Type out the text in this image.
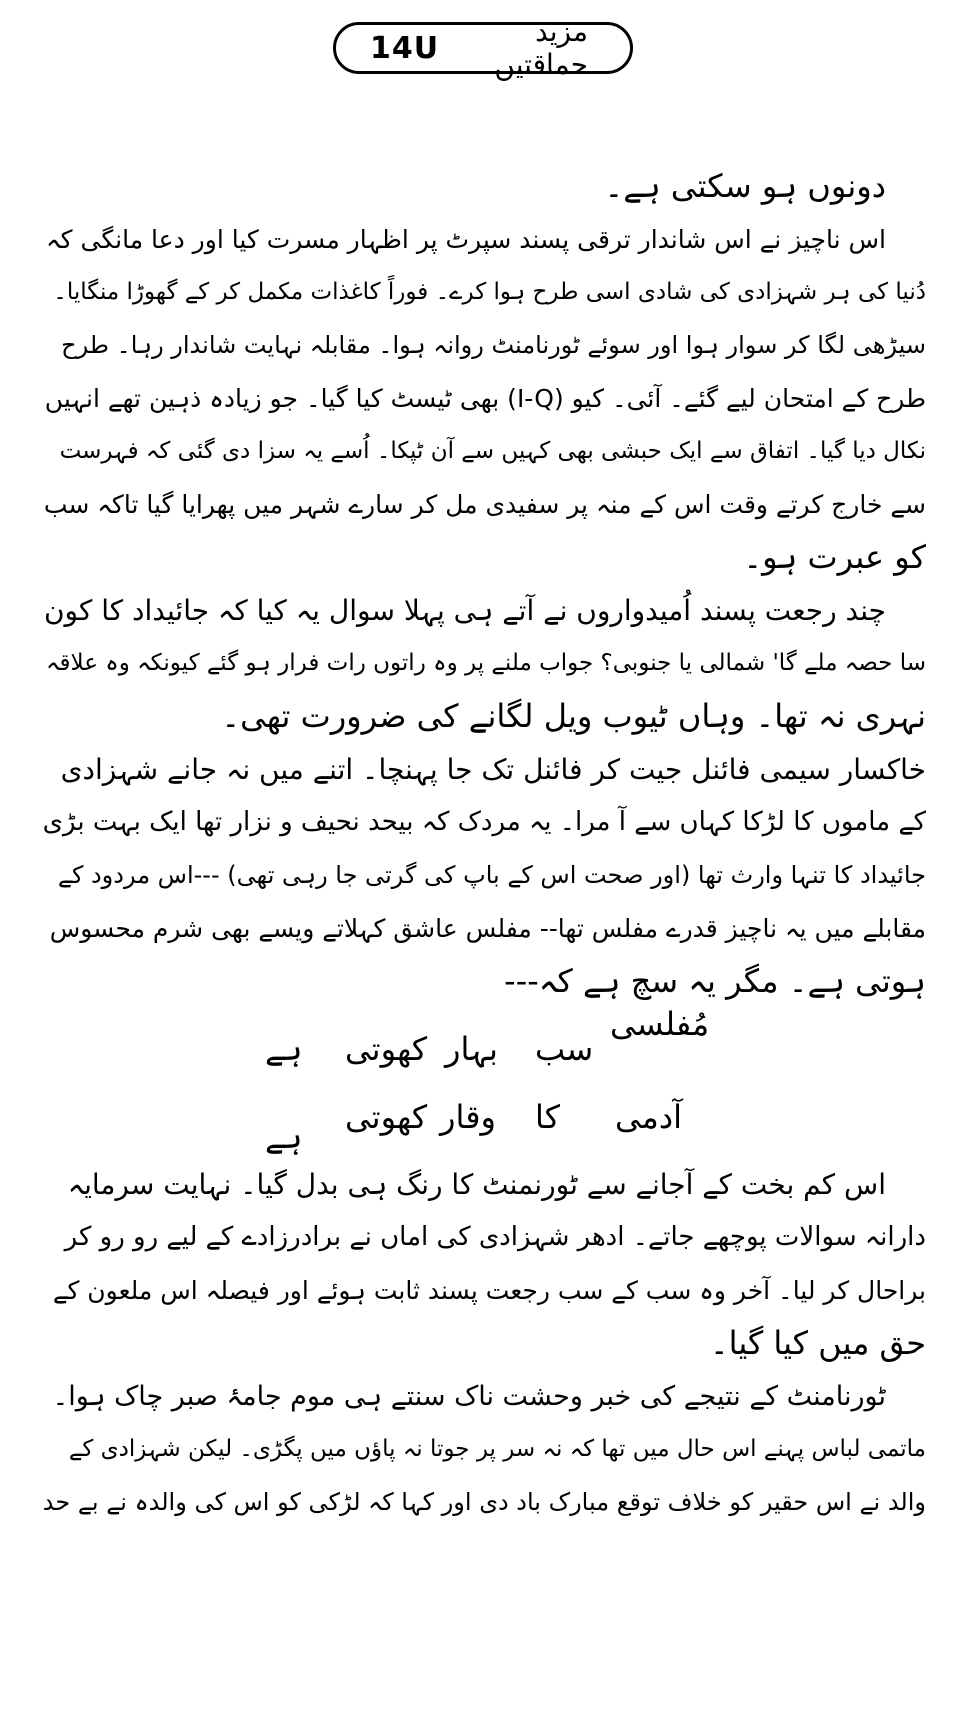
14U	مزید حماقتیں
دونوں ہو سکتی ہے۔
اس ناچیز نے اس شاندار ترقی پسند سپرٹ پر اظہار مسرت کیا اور دعا مانگی کہ
دُنیا کی ہر شہزادی کی شادی اسی طرح ہوا کرے۔ فوراً کاغذات مکمل کر کے گھوڑا منگایا۔
سیڑھی لگا کر سوار ہوا اور سوئے ٹورنامنٹ روانہ ہوا۔ مقابلہ نہایت شاندار رہا۔ طرح
طرح کے امتحان لیے گئے۔ آئی۔ کیو (I-Q) بھی ٹیسٹ کیا گیا۔ جو زیادہ ذہین تھے انہیں
نکال دیا گیا۔ اتفاق سے ایک حبشی بھی کہیں سے آن ٹپکا۔ اُسے یہ سزا دی گئی کہ فہرست
سے خارج کرتے وقت اس کے منہ پر سفیدی مل کر سارے شہر میں پھرایا گیا تاکہ سب
کو عبرت ہو۔
چند رجعت پسند اُمیدواروں نے آتے ہی پہلا سوال یہ کیا کہ جائیداد کا کون
سا حصہ ملے گا' شمالی یا جنوبی؟ جواب ملنے پر وہ راتوں رات فرار ہو گئے کیونکہ وہ علاقہ
نہری نہ تھا۔ وہاں ٹیوب ویل لگانے کی ضرورت تھی۔
خاکسار سیمی فائنل جیت کر فائنل تک جا پہنچا۔ اتنے میں نہ جانے شہزادی
کے ماموں کا لڑکا کہاں سے آ مرا۔ یہ مردک کہ بیحد نحیف و نزار تھا ایک بہت بڑی
جائیداد کا تنہا وارث تھا (اور صحت اس کے باپ کی گرتی جا رہی تھی) ---اس مردود کے
مقابلے میں یہ ناچیز قدرے مفلس تھا-- مفلس عاشق کہلاتے ویسے بھی شرم محسوس
ہوتی ہے۔ مگر یہ سچ ہے کہ---
مُفلسی
سب
بہار
کھوتی
ہے
آدمی
کا
وقار
کھوتی
ہے
اس کم بخت کے آجانے سے ٹورنمنٹ کا رنگ ہی بدل گیا۔ نہایت سرمایہ
دارانہ سوالات پوچھے جاتے۔ ادھر شہزادی کی اماں نے برادرزادے کے لیے رو رو کر
براحال کر لیا۔ آخر وہ سب کے سب رجعت پسند ثابت ہوئے اور فیصلہ اس ملعون کے
حق میں کیا گیا۔
ٹورنامنٹ کے نتیجے کی خبر وحشت ناک سنتے ہی موم جامۂ صبر چاک ہوا۔
ماتمی لباس پہنے اس حال میں تھا کہ نہ سر پر جوتا نہ پاؤں میں پگڑی۔ لیکن شہزادی کے
والد نے اس حقیر کو خلاف توقع مبارک باد دی اور کہا کہ لڑکی کو اس کی والدہ نے بے حد
